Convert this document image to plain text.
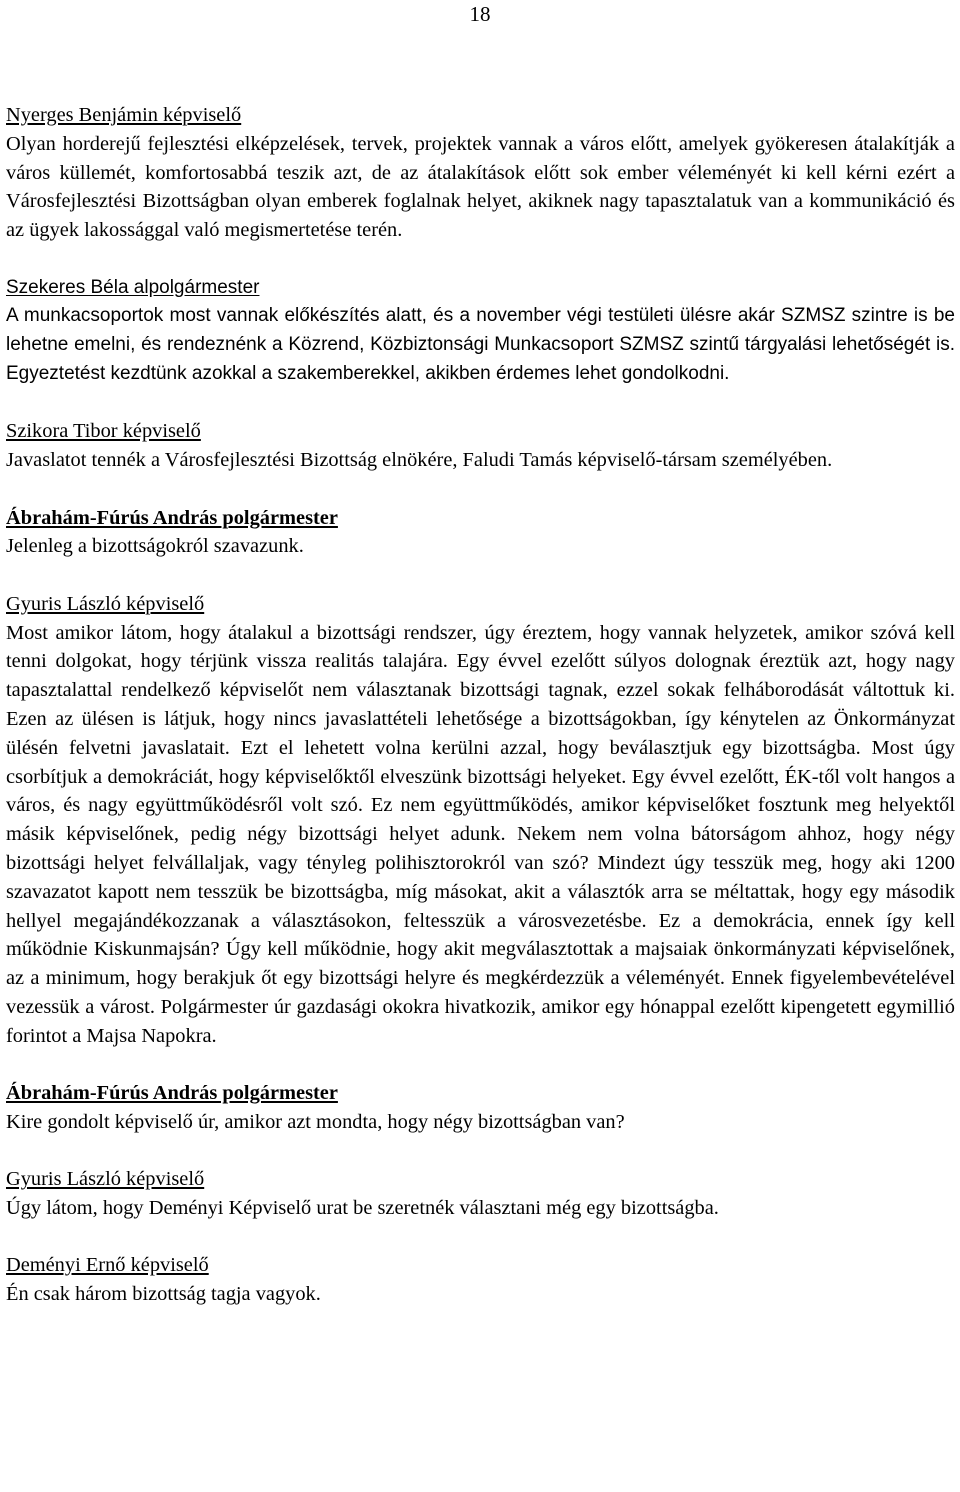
18
Nyerges Benjámin képviselő

Olyan horderejű fejlesztési elképzelések, tervek, projektek vannak a város előtt, amelyek gyökeresen átalakítják a város küllemét, komfortosabbá teszik azt, de az átalakítások előtt sok ember véleményét ki kell kérni ezért a Városfejlesztési Bizottságban olyan emberek foglalnak helyet, akiknek nagy tapasztalatuk van a kommunikáció és az ügyek lakossággal való megismertetése terén.

Szekeres Béla alpolgármester

A munkacsoportok most vannak előkészítés alatt, és a november végi testületi ülésre akár SZMSZ szintre is be lehetne emelni, és rendeznénk a Közrend, Közbiztonsági Munkacsoport SZMSZ szintű tárgyalási lehetőségét is. Egyeztetést kezdtünk azokkal a szakemberekkel, akikben érdemes lehet gondolkodni.

Szikora Tibor képviselő

Javaslatot tennék a Városfejlesztési Bizottság elnökére, Faludi Tamás képviselő-társam személyében.

Ábrahám-Fúrús András polgármester

Jelenleg a bizottságokról szavazunk.

Gyuris László képviselő

Most amikor látom, hogy átalakul a bizottsági rendszer, úgy éreztem, hogy vannak helyzetek, amikor szóvá kell tenni dolgokat, hogy térjünk vissza realitás talajára. Egy évvel ezelőtt súlyos dolognak éreztük azt, hogy nagy tapasztalattal rendelkező képviselőt nem választanak bizottsági tagnak, ezzel sokak felháborodását váltottuk ki. Ezen az ülésen is látjuk, hogy nincs javaslattételi lehetősége a bizottságokban, így kénytelen az Önkormányzat ülésén felvetni javaslatait. Ezt el lehetett volna kerülni azzal, hogy beválasztjuk egy bizottságba. Most úgy csorbítjuk a demokráciát, hogy képviselőktől elveszünk bizottsági helyeket. Egy évvel ezelőtt, ÉK-től volt hangos a város, és nagy együttműködésről volt szó. Ez nem együttműködés, amikor képviselőket fosztunk meg helyektől másik képviselőnek, pedig négy bizottsági helyet adunk. Nekem nem volna bátorságom ahhoz, hogy négy bizottsági helyet felvállaljak, vagy tényleg polihisztorokról van szó? Mindezt úgy tesszük meg, hogy aki 1200 szavazatot kapott nem tesszük be bizottságba, míg másokat, akit a választók arra se méltattak, hogy egy második hellyel megajándékozzanak a választásokon, feltesszük a városvezetésbe. Ez a demokrácia, ennek így kell működnie Kiskunmajsán? Úgy kell működnie, hogy akit megválasztottak a majsaiak önkormányzati képviselőnek, az a minimum, hogy berakjuk őt egy bizottsági helyre és megkérdezzük a véleményét. Ennek figyelembevételével vezessük a várost. Polgármester úr gazdasági okokra hivatkozik, amikor egy hónappal ezelőtt kipengetett egymillió forintot a Majsa Napokra.

Ábrahám-Fúrús András polgármester

Kire gondolt képviselő úr, amikor azt mondta, hogy négy bizottságban van?

Gyuris László képviselő

Úgy látom, hogy Deményi Képviselő urat be szeretnék választani még egy bizottságba.

Deményi Ernő képviselő

Én csak három bizottság tagja vagyok.
